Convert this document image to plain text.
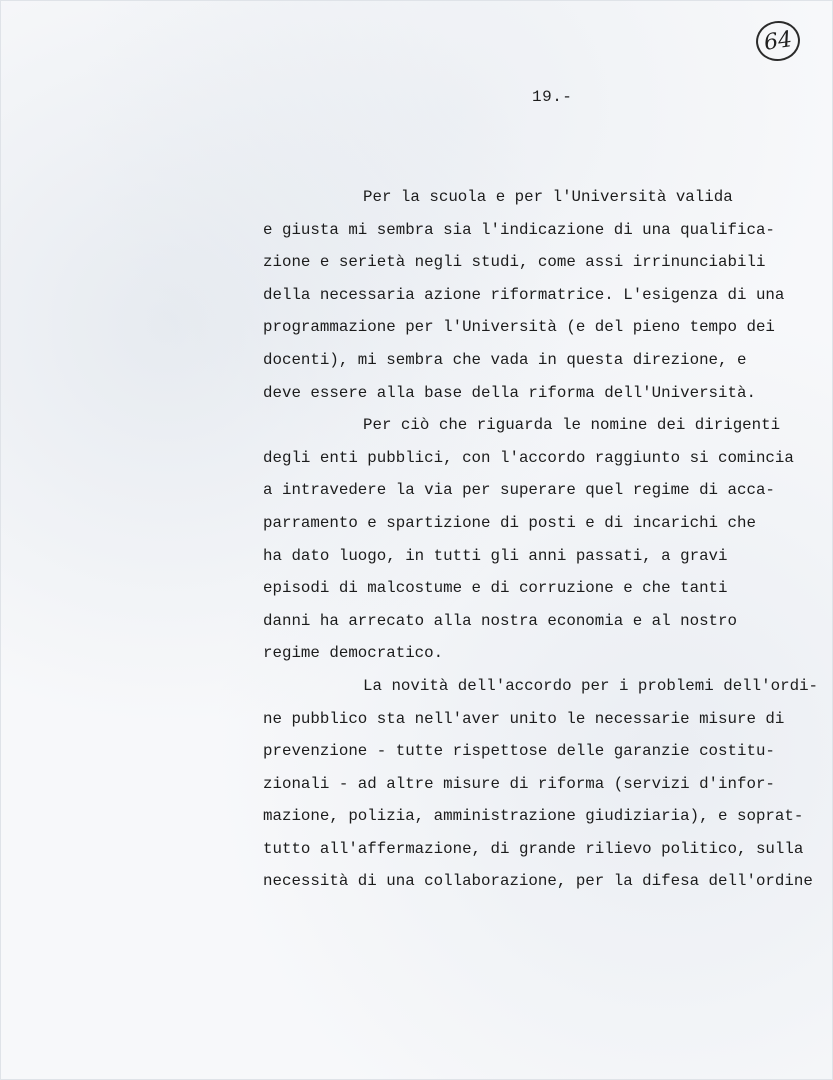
64
19.-
Per la scuola e per l'Università valida
e giusta mi sembra sia l'indicazione di una qualifica-
zione e serietà negli studi, come assi irrinunciabili
della necessaria azione riformatrice. L'esigenza di una
programmazione per l'Università (e del pieno tempo dei
docenti), mi sembra che vada in questa direzione, e
deve essere alla base della riforma dell'Università.
Per ciò che riguarda le nomine dei dirigenti
degli enti pubblici, con l'accordo raggiunto si comincia
a intravedere la via per superare quel regime di acca-
parramento e spartizione di posti e di incarichi che
ha dato luogo, in tutti gli anni passati, a gravi
episodi di malcostume e di corruzione e che tanti
danni ha arrecato alla nostra economia e al nostro
regime democratico.
La novità dell'accordo per i problemi dell'ordi-
ne pubblico sta nell'aver unito le necessarie misure di
prevenzione - tutte rispettose delle garanzie costitu-
zionali - ad altre misure di riforma (servizi d'infor-
mazione, polizia, amministrazione giudiziaria), e soprat-
tutto all'affermazione, di grande rilievo politico, sulla
necessità di una collaborazione, per la difesa dell'ordine
